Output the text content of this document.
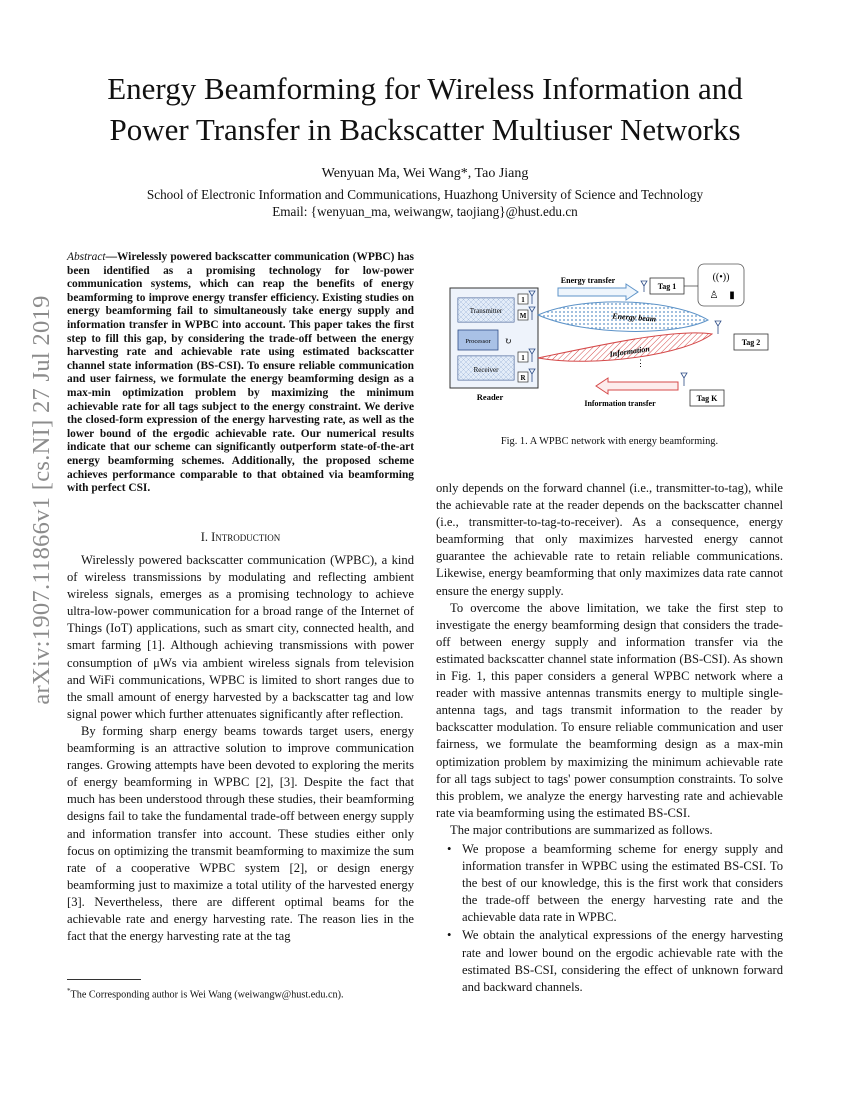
arXiv:1907.11866v1 [cs.NI] 27 Jul 2019
Energy Beamforming for Wireless Information and
Power Transfer in Backscatter Multiuser Networks
Wenyuan Ma, Wei Wang*, Tao Jiang
School of Electronic Information and Communications, Huazhong University of Science and Technology
Email: {wenyuan_ma, weiwangw, taojiang}@hust.edu.cn
Abstract—Wirelessly powered backscatter communication (WPBC) has been identified as a promising technology for low-power communication systems, which can reap the benefits of energy beamforming to improve energy transfer efficiency. Existing studies on energy beamforming fail to simultaneously take energy supply and information transfer in WPBC into account. This paper takes the first step to fill this gap, by considering the trade-off between the energy harvesting rate and achievable rate using estimated backscatter channel state information (BS-CSI). To ensure reliable communication and user fairness, we formulate the energy beamforming design as a max-min optimization problem by maximizing the minimum achievable rate for all tags subject to the energy constraint. We derive the closed-form expression of the energy harvesting rate, as well as the lower bound of the ergodic achievable rate. Our numerical results indicate that our scheme can significantly outperform state-of-the-art energy beamforming schemes. Additionally, the proposed scheme achieves performance comparable to that obtained via beamforming with perfect CSI.
I. Introduction

Wirelessly powered backscatter communication (WPBC), a kind of wireless transmissions by modulating and reflecting ambient wireless signals, emerges as a promising technology to achieve ultra-low-power communication for a broad range of the Internet of Things (IoT) applications, such as smart city, connected health, and smart farming [1]. Although achieving transmissions with power consumption of μWs via ambient wireless signals from television and WiFi communications, WPBC is limited to short ranges due to the small amount of energy harvested by a backscatter tag and low signal power which further attenuates significantly after reflection.

By forming sharp energy beams towards target users, energy beamforming is an attractive solution to improve communication ranges. Growing attempts have been devoted to exploring the merits of energy beamforming in WPBC [2], [3]. Despite the fact that much has been understood through these studies, their beamforming designs fail to take the fundamental trade-off between energy supply and information transfer into account. These studies either only focus on optimizing the transmit beamforming to maximize the sum rate of a cooperative WPBC system [2], or design energy beamforming just to maximize a total utility of the harvested energy [3]. Nevertheless, there are different optimal beams for the achievable rate and energy harvesting rate. The reason lies in the fact that the energy harvesting rate at the tag

*The Corresponding author is Wei Wang (weiwangw@hust.edu.cn).
Transmitter
Processor ↻
Receiver
1
M
1
R
Reader
Energy beam
Information
Energy transfer
Information transfer
Tag 1
((•))
♙ ▮
Tag 2
Tag K
⋮
Fig. 1. A WPBC network with energy beamforming.

only depends on the forward channel (i.e., transmitter-to-tag), while the achievable rate at the reader depends on the backscatter channel (i.e., transmitter-to-tag-to-receiver). As a consequence, energy beamforming that only maximizes harvested energy cannot guarantee the achievable rate to retain reliable communications. Likewise, energy beamforming that only maximizes data rate cannot ensure the energy supply.

To overcome the above limitation, we take the first step to investigate the energy beamforming design that considers the trade-off between energy supply and information transfer via the estimated backscatter channel state information (BS-CSI). As shown in Fig. 1, this paper considers a general WPBC network where a reader with massive antennas transmits energy to multiple single-antenna tags, and tags transmit information to the reader by backscatter modulation. To ensure reliable communication and user fairness, we formulate the beamforming design as a max-min optimization problem by maximizing the minimum achievable rate for all tags subject to tags' power consumption constraints. To solve this problem, we analyze the energy harvesting rate and achievable rate via beamforming using the estimated BS-CSI.

The major contributions are summarized as follows.

• We propose a beamforming scheme for energy supply and information transfer in WPBC using the estimated BS-CSI. To the best of our knowledge, this is the first work that considers the trade-off between the energy harvesting rate and the achievable data rate in WPBC.
• We obtain the analytical expressions of the energy harvesting rate and lower bound on the ergodic achievable rate with the estimated BS-CSI, considering the effect of unknown forward and backward channels.
